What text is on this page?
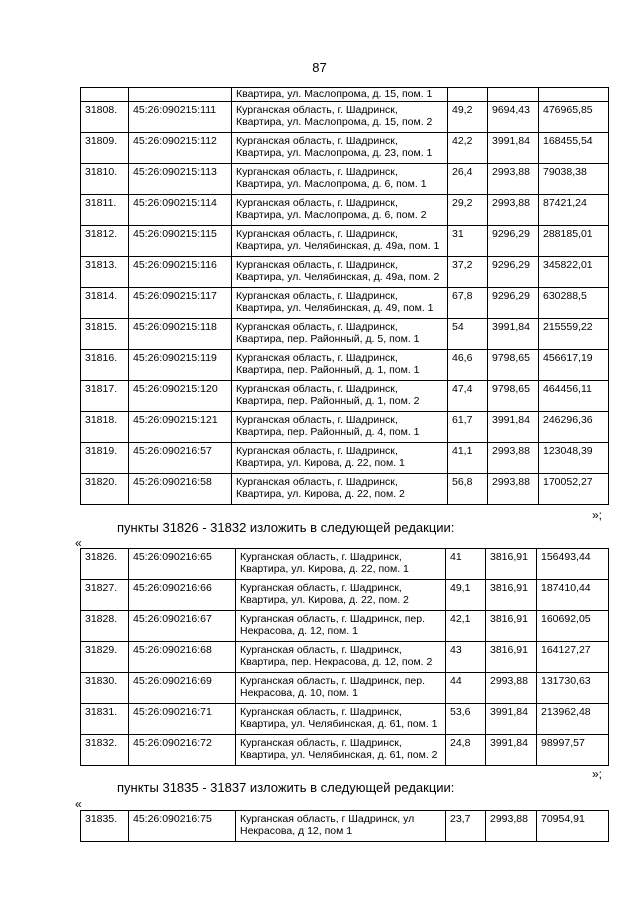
87
		Квартира, ул. Маслопрома, д. 15, пом. 1			
31808.	45:26:090215:111	Курганская область, г. Шадринск,
Квартира, ул. Маслопрома, д. 15, пом. 2	49,2	9694,43	476965,85
31809.	45:26:090215:112	Курганская область, г. Шадринск,
Квартира, ул. Маслопрома, д. 23, пом. 1	42,2	3991,84	168455,54
31810.	45:26:090215:113	Курганская область, г. Шадринск,
Квартира, ул. Маслопрома, д. 6, пом. 1	26,4	2993,88	79038,38
31811.	45:26:090215:114	Курганская область, г. Шадринск,
Квартира, ул. Маслопрома, д. 6, пом. 2	29,2	2993,88	87421,24
31812.	45:26:090215:115	Курганская область, г. Шадринск,
Квартира, ул. Челябинская, д. 49а, пом. 1	31	9296,29	288185,01
31813.	45:26:090215:116	Курганская область, г. Шадринск,
Квартира, ул. Челябинская, д. 49а, пом. 2	37,2	9296,29	345822,01
31814.	45:26:090215:117	Курганская область, г. Шадринск,
Квартира, ул. Челябинская, д. 49, пом. 1	67,8	9296,29	630288,5
31815.	45:26:090215:118	Курганская область, г. Шадринск,
Квартира, пер. Районный, д. 5, пом. 1	54	3991,84	215559,22
31816.	45:26:090215:119	Курганская область, г. Шадринск,
Квартира, пер. Районный, д. 1, пом. 1	46,6	9798,65	456617,19
31817.	45:26:090215:120	Курганская область, г. Шадринск,
Квартира, пер. Районный, д. 1, пом. 2	47,4	9798,65	464456,11
31818.	45:26:090215:121	Курганская область, г. Шадринск,
Квартира, пер. Районный, д. 4, пом. 1	61,7	3991,84	246296,36
31819.	45:26:090216:57	Курганская область, г. Шадринск,
Квартира, ул. Кирова, д. 22, пом. 1	41,1	2993,88	123048,39
31820.	45:26:090216:58	Курганская область, г. Шадринск,
Квартира, ул. Кирова, д. 22, пом. 2	56,8	2993,88	170052,27
»;
пункты 31826 - 31832 изложить в следующей редакции:
«
31826.	45:26:090216:65	Курганская область, г. Шадринск,
Квартира, ул. Кирова, д. 22, пом. 1	41	3816,91	156493,44
31827.	45:26:090216:66	Курганская область, г. Шадринск,
Квартира, ул. Кирова, д. 22, пом. 2	49,1	3816,91	187410,44
31828.	45:26:090216:67	Курганская область, г. Шадринск, пер.
Некрасова, д. 12, пом. 1	42,1	3816,91	160692,05
31829.	45:26:090216:68	Курганская область, г. Шадринск,
Квартира, пер. Некрасова, д. 12, пом. 2	43	3816,91	164127,27
31830.	45:26:090216:69	Курганская область, г. Шадринск, пер.
Некрасова, д. 10, пом. 1	44	2993,88	131730,63
31831.	45:26:090216:71	Курганская область, г. Шадринск,
Квартира, ул. Челябинская, д. 61, пом. 1	53,6	3991,84	213962,48
31832.	45:26:090216:72	Курганская область, г. Шадринск,
Квартира, ул. Челябинская, д. 61, пом. 2	24,8	3991,84	98997,57
»;
пункты 31835 - 31837 изложить в следующей редакции:
«
31835.	45:26:090216:75	Курганская область, г Шадринск, ул
Некрасова, д 12, пом 1
	23,7	2993,88	70954,91
